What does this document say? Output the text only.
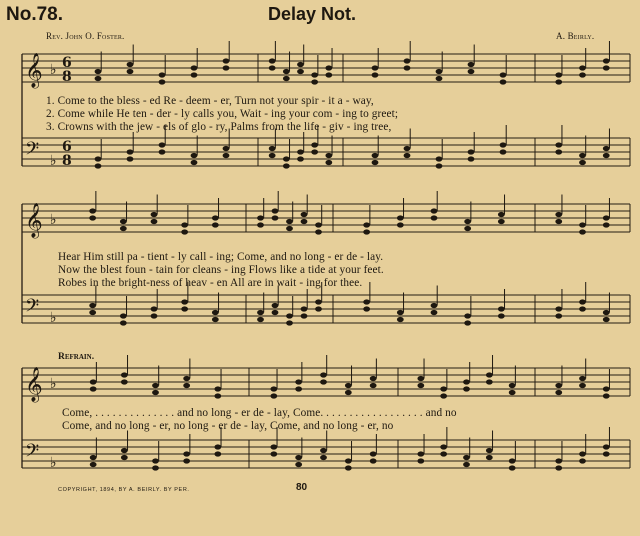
No.78.	Delay Not.
Rev. John O. Foster.	A. Beirly.
𝄞 ♭ 6
8
𝄢 ♭
6
8
𝄞 ♭
𝄢 ♭
𝄞 ♭
𝄢 ♭
1. Come to the bless - ed Re - deem - er, Turn not your spir - it a - way,
2. Come while He ten - der - ly calls you, Wait - ing your com - ing to greet;
3. Crowns with the jew - els of glo - ry, Palms from the life - giv - ing tree,
Hear Him still pa - tient - ly call - ing; Come, and no long - er de - lay.
Now the blest foun - tain for cleans - ing Flows like a tide at your feet.
Robes in the bright-ness of heav - en All are in wait - ing for thee.
Refrain.
Come, . . . . . . . . . . . . . . and no long - er de - lay, Come. . . . . . . . . . . . . . . . . . and no
Come, and no long - er, no long - er de - lay, Come, and no long - er, no
COPYRIGHT, 1894, BY A. BEIRLY. BY PER.	80
